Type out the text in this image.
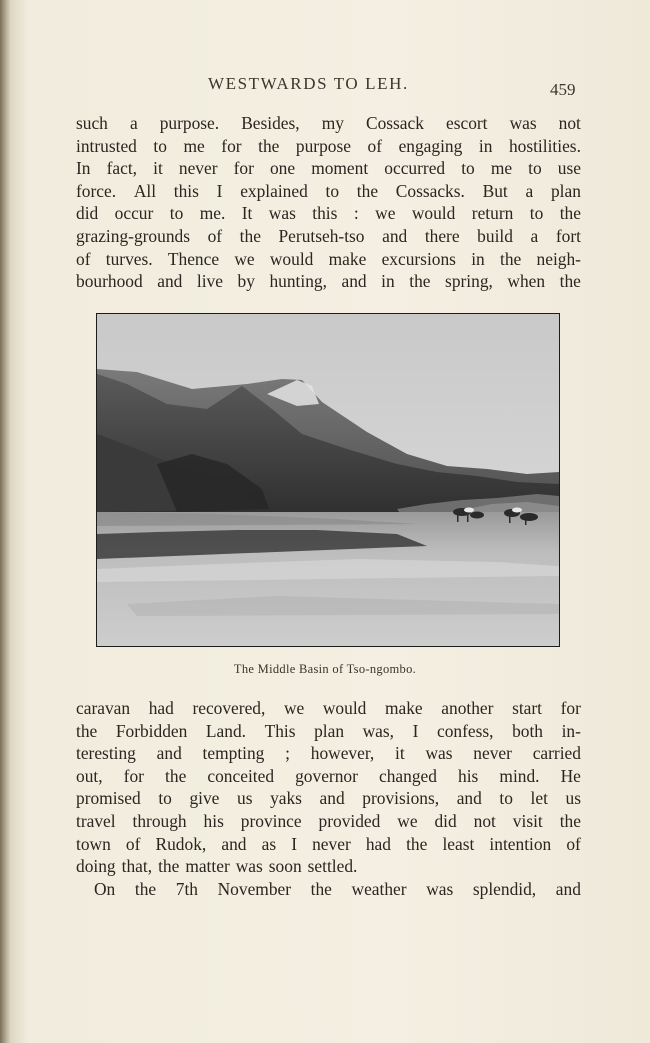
WESTWARDS TO LEH.	459
such a purpose. Besides, my Cossack escort was not
intrusted to me for the purpose of engaging in hostilities.
In fact, it never for one moment occurred to me to use
force. All this I explained to the Cossacks. But a plan
did occur to me. It was this : we would return to the
grazing-grounds of the Perutseh-tso and there build a fort
of turves. Thence we would make excursions in the neigh-
bourhood and live by hunting, and in the spring, when the
The Middle Basin of Tso-ngombo.
caravan had recovered, we would make another start for
the Forbidden Land. This plan was, I confess, both in-
teresting and tempting ; however, it was never carried
out, for the conceited governor changed his mind. He
promised to give us yaks and provisions, and to let us
travel through his province provided we did not visit the
town of Rudok, and as I never had the least intention of
doing that, the matter was soon settled.
On the 7th November the weather was splendid, and
